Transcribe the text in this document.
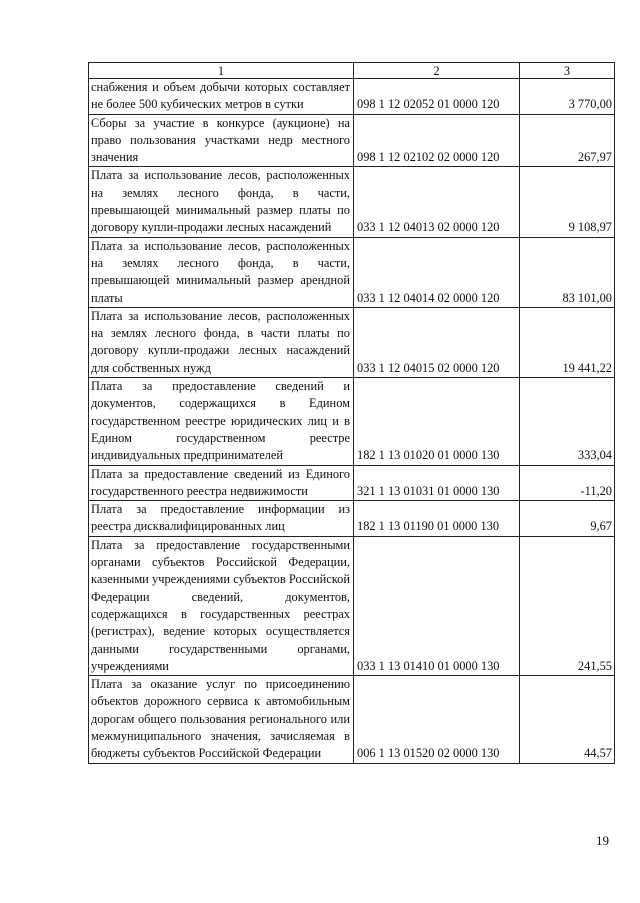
1	2	3
снабжения и объем добычи которых составляет не более 500 кубических метров в сутки	098 1 12 02052 01 0000 120	3 770,00
Сборы за участие в конкурсе (аукционе) на право пользования участками недр местного значения	098 1 12 02102 02 0000 120	267,97
Плата за использование лесов, расположенных на землях лесного фонда, в части, превышающей минимальный размер платы по договору купли-продажи лесных насаждений	033 1 12 04013 02 0000 120	9 108,97
Плата за использование лесов, расположенных на землях лесного фонда, в части, превышающей минимальный размер арендной платы	033 1 12 04014 02 0000 120	83 101,00
Плата за использование лесов, расположенных на землях лесного фонда, в части платы по договору купли-продажи лесных насаждений для собственных нужд	033 1 12 04015 02 0000 120	19 441,22
Плата за предоставление сведений и документов, содержащихся в Едином государственном реестре юридических лиц и в Едином государственном реестре индивидуальных предпринимателей	182 1 13 01020 01 0000 130	333,04
Плата за предоставление сведений из Единого государственного реестра недвижимости	321 1 13 01031 01 0000 130	-11,20
Плата за предоставление информации из реестра дисквалифицированных лиц	182 1 13 01190 01 0000 130	9,67
Плата за предоставление государственными органами субъектов Российской Федерации, казенными учреждениями субъектов Российской Федерации сведений, документов, содержащихся в государственных реестрах (регистрах), ведение которых осуществляется данными государственными органами, учреждениями	033 1 13 01410 01 0000 130	241,55
Плата за оказание услуг по присоединению объектов дорожного сервиса к автомобильным дорогам общего пользования регионального или межмуниципального значения, зачисляемая в бюджеты субъектов Российской Федерации	006 1 13 01520 02 0000 130	44,57
19
